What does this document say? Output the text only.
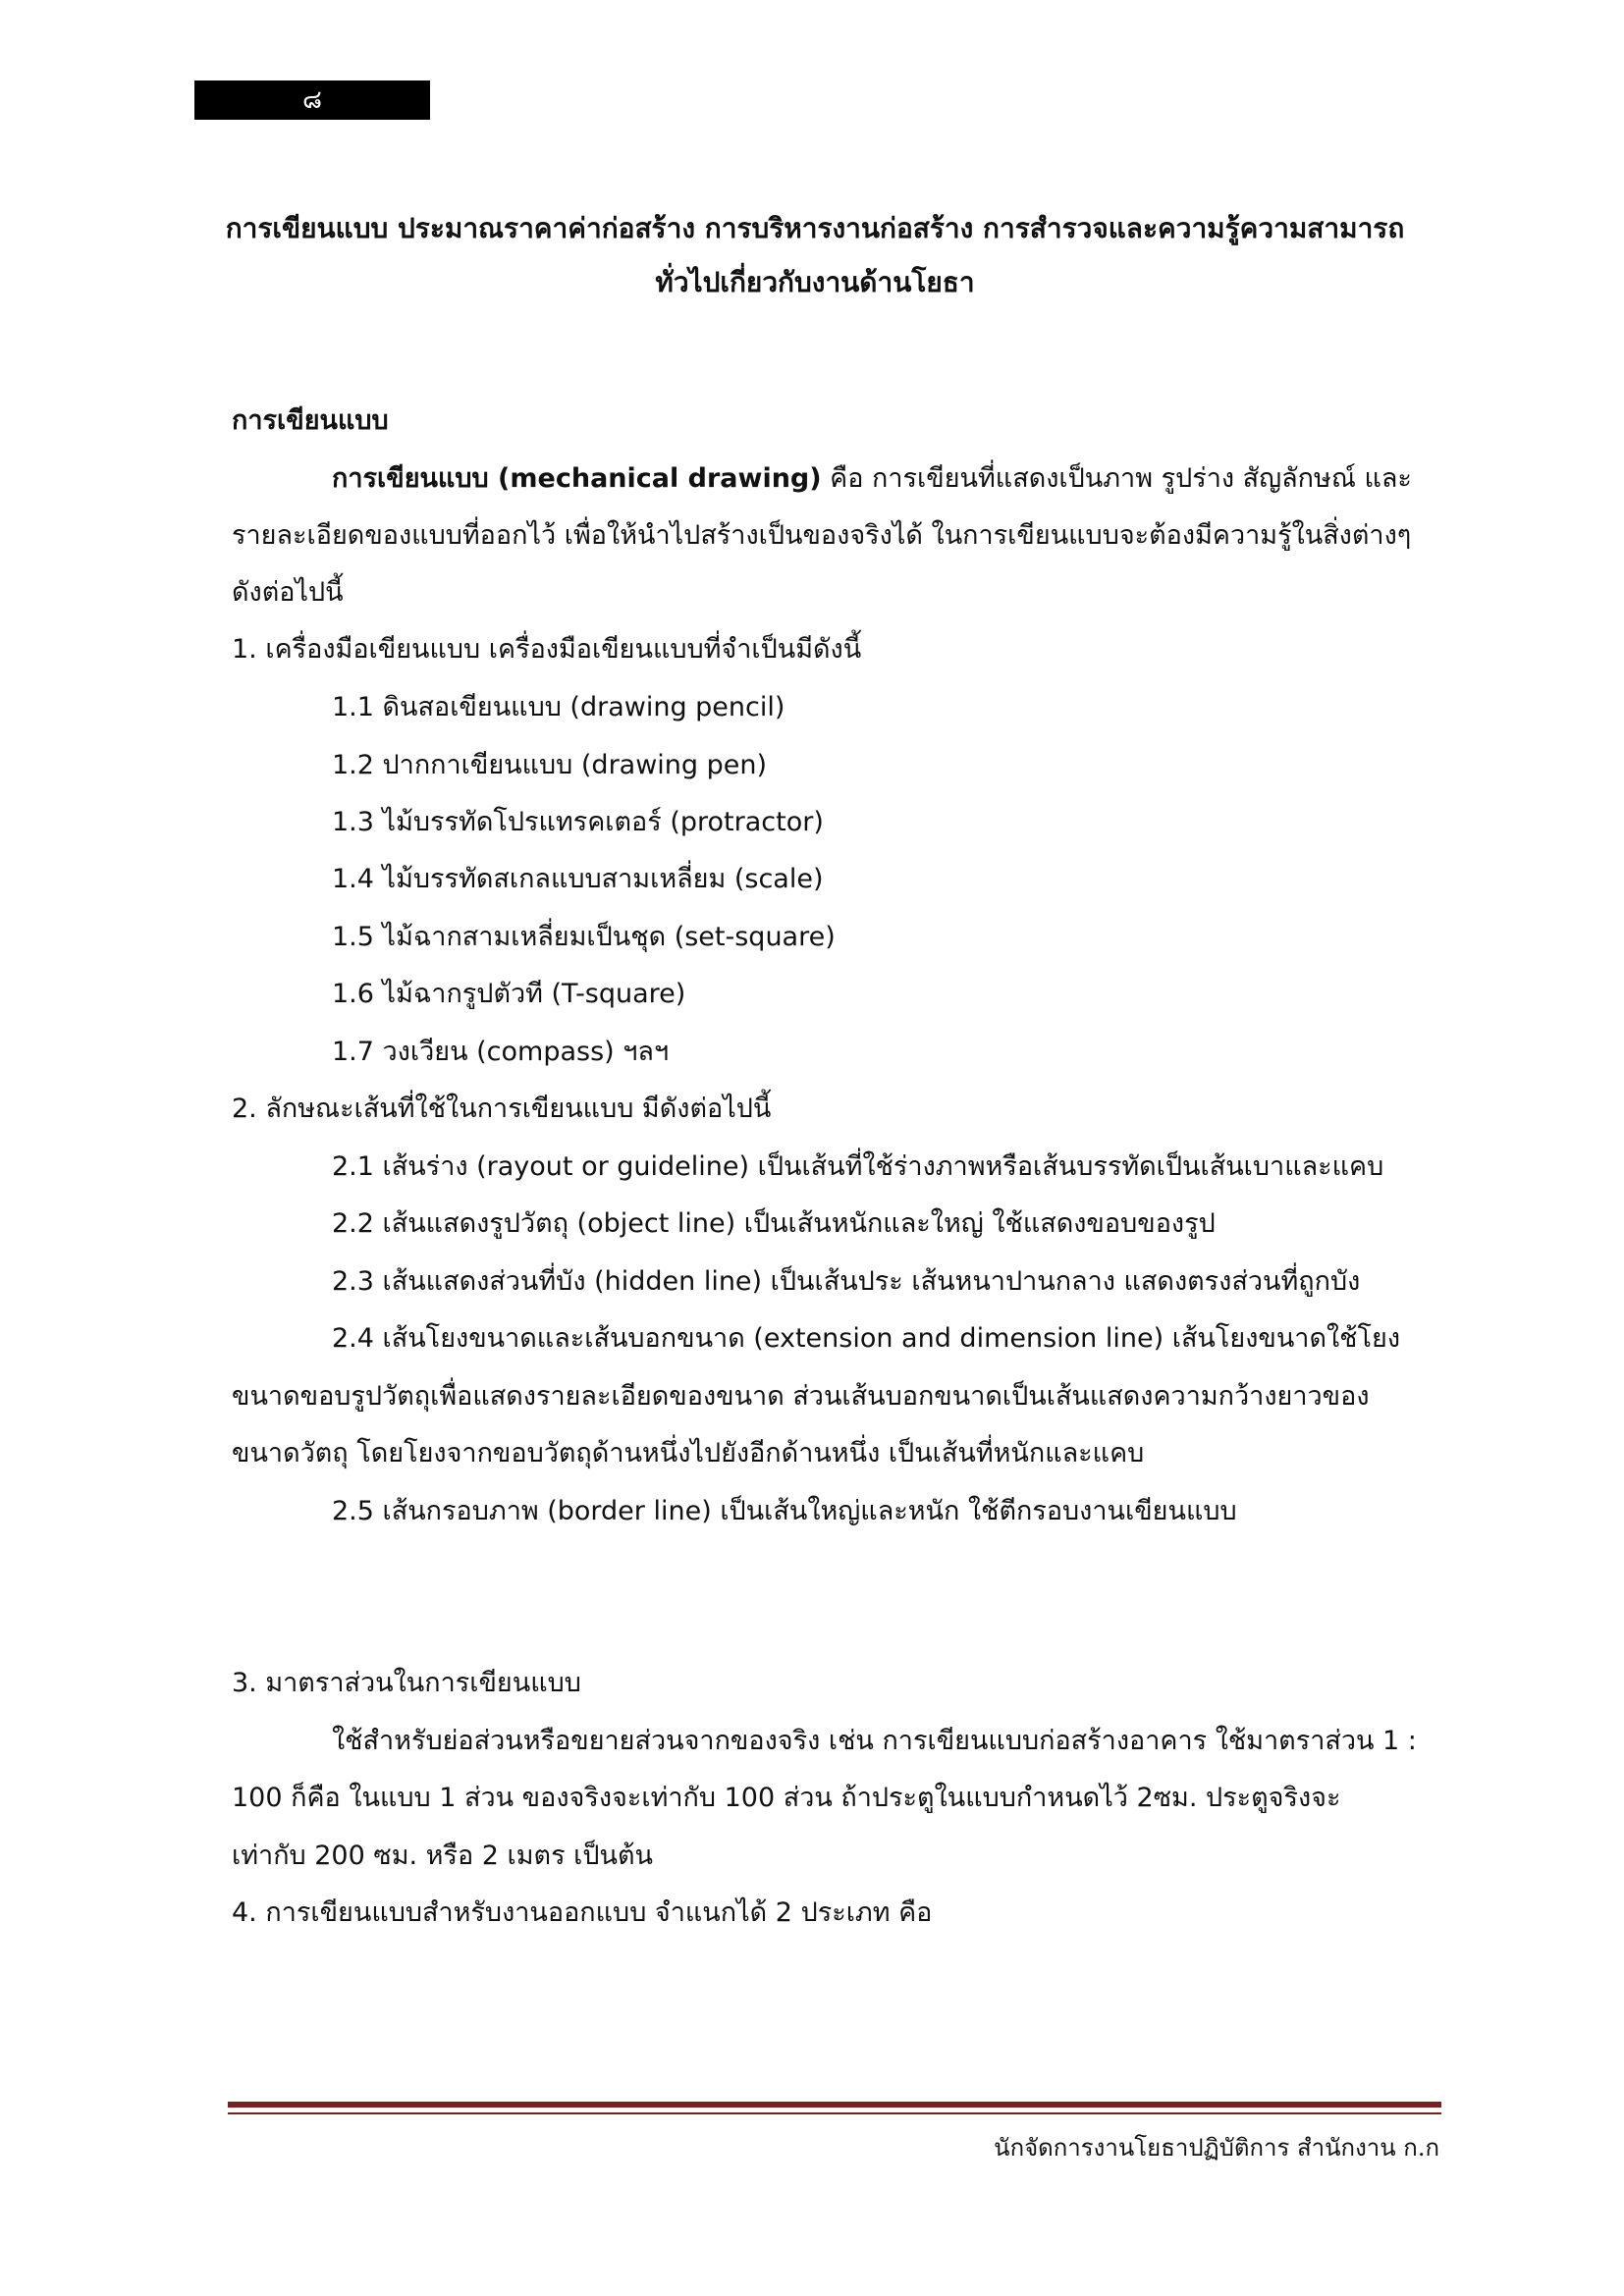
๘
การเขียนแบบ ประมาณราคาค่าก่อสร้าง การบริหารงานก่อสร้าง การสำรวจและความรู้ความสามารถ
ทั่วไปเกี่ยวกับงานด้านโยธา
การเขียนแบบ
การเขียนแบบ (mechanical drawing) คือ การเขียนที่แสดงเป็นภาพ รูปร่าง สัญลักษณ์ และ
รายละเอียดของแบบที่ออกไว้ เพื่อให้นำไปสร้างเป็นของจริงได้ ในการเขียนแบบจะต้องมีความรู้ในสิ่งต่างๆ
ดังต่อไปนี้
1. เครื่องมือเขียนแบบ เครื่องมือเขียนแบบที่จำเป็นมีดังนี้
1.1 ดินสอเขียนแบบ (drawing pencil)
1.2 ปากกาเขียนแบบ (drawing pen)
1.3 ไม้บรรทัดโปรแทรคเตอร์ (protractor)
1.4 ไม้บรรทัดสเกลแบบสามเหลี่ยม (scale)
1.5 ไม้ฉากสามเหลี่ยมเป็นชุด (set-square)
1.6 ไม้ฉากรูปตัวที (T-square)
1.7 วงเวียน (compass) ฯลฯ
2. ลักษณะเส้นที่ใช้ในการเขียนแบบ มีดังต่อไปนี้
2.1 เส้นร่าง (rayout or guideline) เป็นเส้นที่ใช้ร่างภาพหรือเส้นบรรทัดเป็นเส้นเบาและแคบ
2.2 เส้นแสดงรูปวัตถุ (object line) เป็นเส้นหนักและใหญ่ ใช้แสดงขอบของรูป
2.3 เส้นแสดงส่วนที่บัง (hidden line) เป็นเส้นประ เส้นหนาปานกลาง แสดงตรงส่วนที่ถูกบัง
2.4 เส้นโยงขนาดและเส้นบอกขนาด (extension and dimension line) เส้นโยงขนาดใช้โยง
ขนาดขอบรูปวัตถุเพื่อแสดงรายละเอียดของขนาด ส่วนเส้นบอกขนาดเป็นเส้นแสดงความกว้างยาวของ
ขนาดวัตถุ โดยโยงจากขอบวัตถุด้านหนึ่งไปยังอีกด้านหนึ่ง เป็นเส้นที่หนักและแคบ
2.5 เส้นกรอบภาพ (border line) เป็นเส้นใหญ่และหนัก ใช้ตีกรอบงานเขียนแบบ
3. มาตราส่วนในการเขียนแบบ
ใช้สำหรับย่อส่วนหรือขยายส่วนจากของจริง เช่น การเขียนแบบก่อสร้างอาคาร ใช้มาตราส่วน 1 :
100 ก็คือ ในแบบ 1 ส่วน ของจริงจะเท่ากับ 100 ส่วน ถ้าประตูในแบบกำหนดไว้ 2ซม. ประตูจริงจะ
เท่ากับ 200 ซม. หรือ 2 เมตร เป็นต้น
4. การเขียนแบบสำหรับงานออกแบบ จำแนกได้ 2 ประเภท คือ
นักจัดการงานโยธาปฏิบัติการ สำนักงาน ก.ก
